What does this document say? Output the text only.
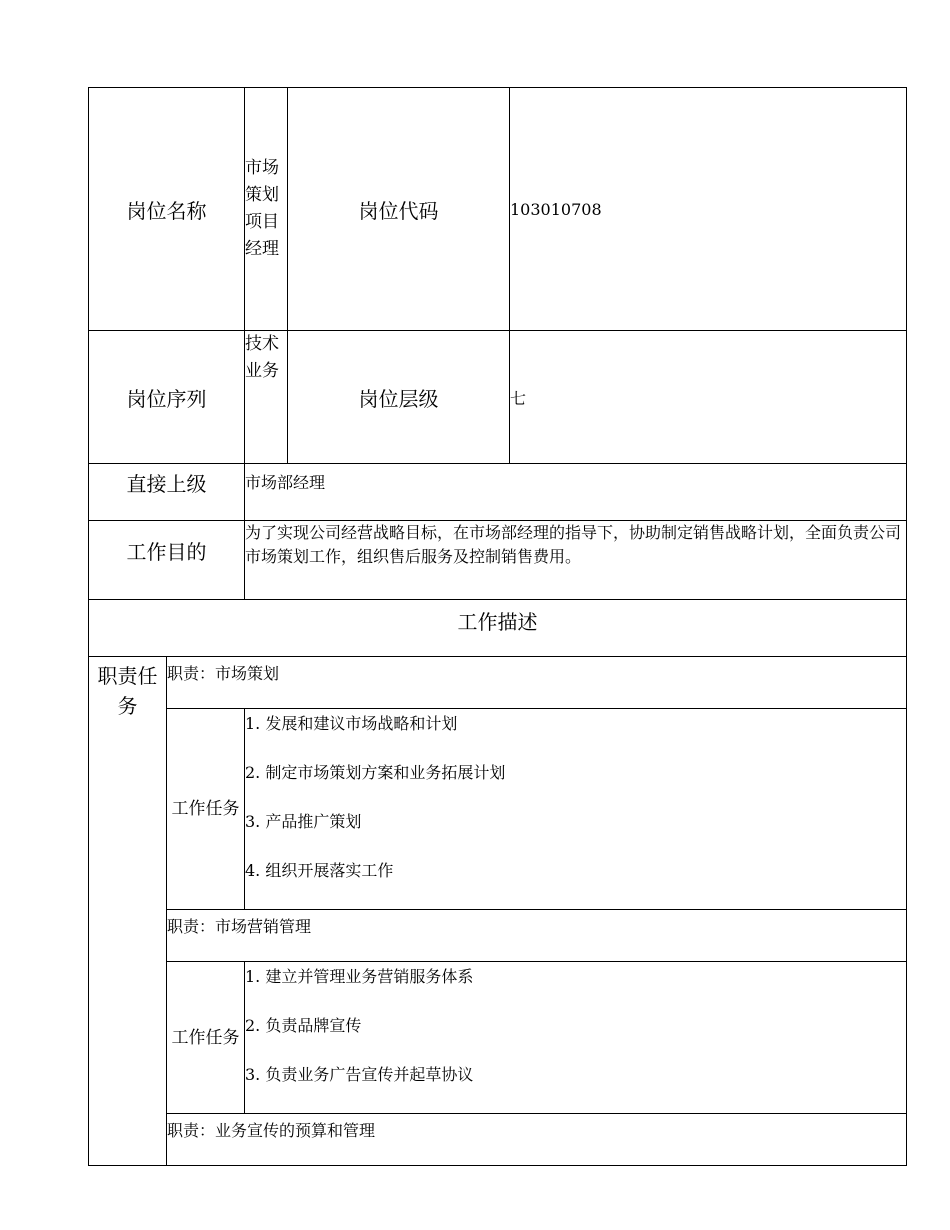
岗位名称		市场策划项目经理	岗位代码	103010708
岗位序列		技术业务	岗位层级	七
直接上级		市场部经理		
工作目的		为了实现公司经营战略目标，在市场部经理的指导下，协助制定销售战略计划，全面负责公司市场策划工作，组织售后服务及控制销售费用。		
工作描述				
职责任务	职责：市场策划			
	工作任务	1. 发展和建议市场战略和计划
2. 制定市场策划方案和业务拓展计划
3. 产品推广策划
4. 组织开展落实工作		

	职责：市场营销管理			
	工作任务	1. 建立并管理业务营销服务体系
2. 负责品牌宣传
3. 负责业务广告宣传并起草协议		

	职责：业务宣传的预算和管理			
